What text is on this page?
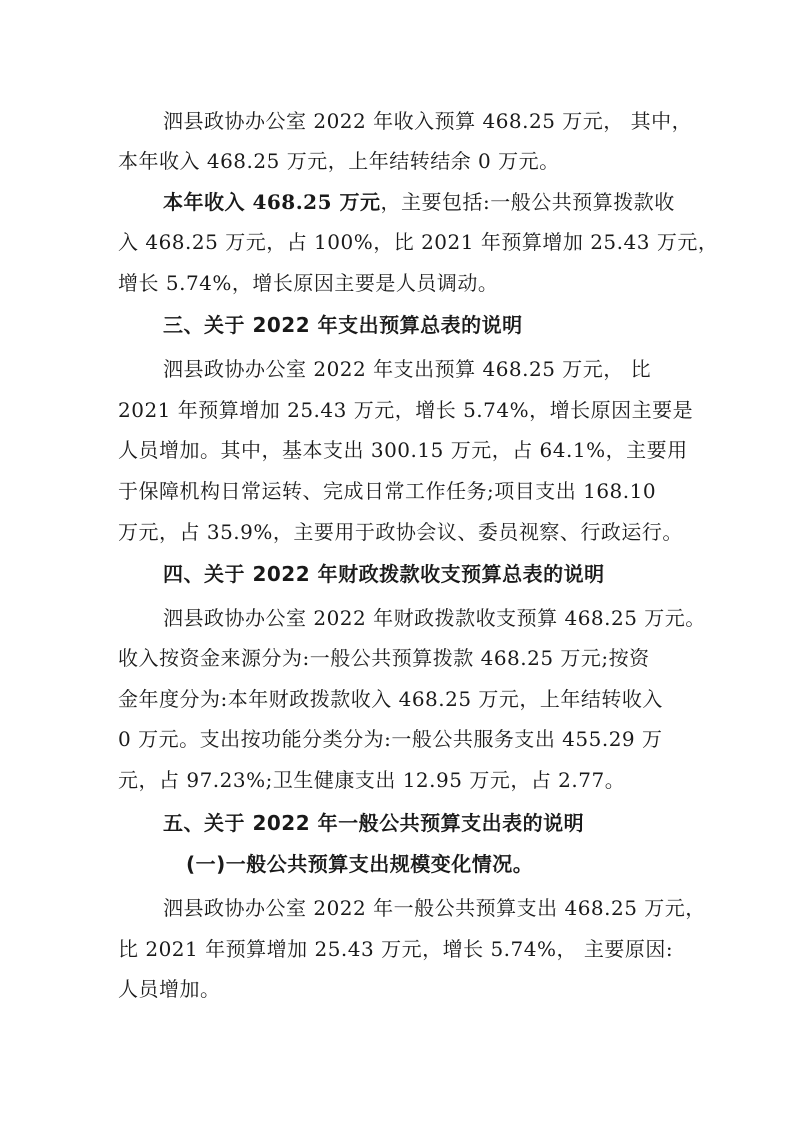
泗县政协办公室 2022 年收入预算 468.25 万元， 其中，
本年收入 468.25 万元，上年结转结余 0 万元。
本年收入 468.25 万元，主要包括:一般公共预算拨款收
入 468.25 万元，占 100%，比 2021 年预算增加 25.43 万元，
增长 5.74%，增长原因主要是人员调动。
三、关于 2022 年支出预算总表的说明
泗县政协办公室 2022 年支出预算 468.25 万元， 比
2021 年预算增加 25.43 万元，增长 5.74%，增长原因主要是
人员增加。其中，基本支出 300.15 万元，占 64.1%，主要用
于保障机构日常运转、完成日常工作任务;项目支出 168.10
万元，占 35.9%，主要用于政协会议、委员视察、行政运行。
四、关于 2022 年财政拨款收支预算总表的说明
泗县政协办公室 2022 年财政拨款收支预算 468.25 万元。
收入按资金来源分为:一般公共预算拨款 468.25 万元;按资
金年度分为:本年财政拨款收入 468.25 万元，上年结转收入
0 万元。支出按功能分类分为:一般公共服务支出 455.29 万
元，占 97.23%;卫生健康支出 12.95 万元，占 2.77。
五、关于 2022 年一般公共预算支出表的说明
(一)一般公共预算支出规模变化情况。
泗县政协办公室 2022 年一般公共预算支出 468.25 万元，
比 2021 年预算增加 25.43 万元，增长 5.74%， 主要原因:
人员增加。
